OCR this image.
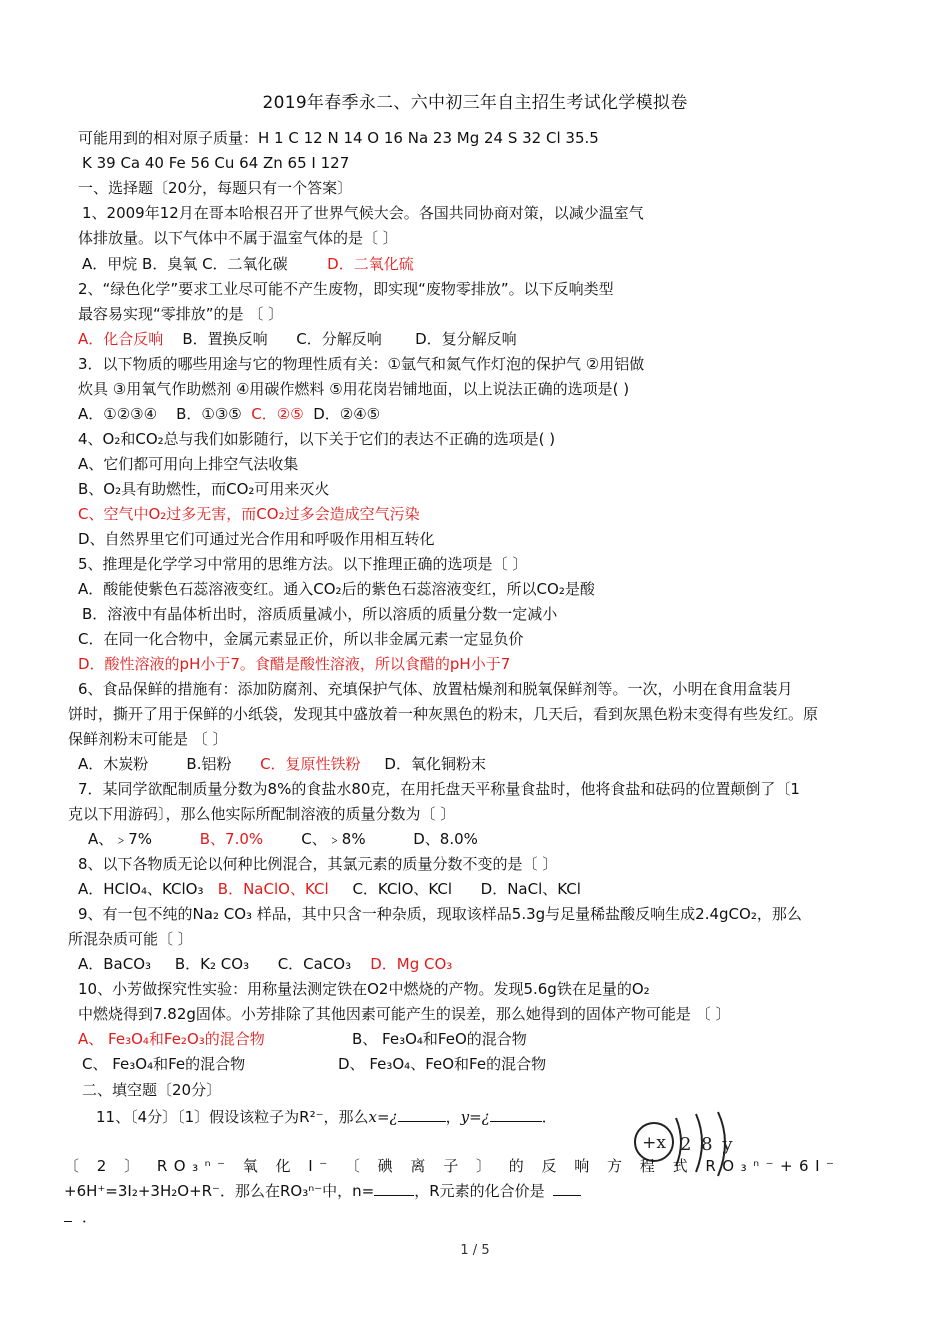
2019年春季永二、六中初三年自主招生考试化学模拟卷
可能用到的相对原子质量：H 1 C 12 N 14 O 16 Na 23 Mg 24 S 32 Cl 35.5
K 39 Ca 40 Fe 56 Cu 64 Zn 65 I 127
一、选择题〔20分，每题只有一个答案〕
1、2009年12月在哥本哈根召开了世界气候大会。各国共同协商对策，以减少温室气
体排放量。以下气体中不属于温室气体的是〔 〕
A．甲烷 B．臭氧 C．二氧化碳	D．二氧化硫
2、“绿色化学”要求工业尽可能不产生废物，即实现“废物零排放”。以下反响类型
最容易实现“零排放”的是 〔 〕
A．化合反响    B．置换反响      C．分解反响       D．复分解反响
3．以下物质的哪些用途与它的物理性质有关：①氩气和氮气作灯泡的保护气 ②用铝做
炊具 ③用氧气作助燃剂 ④用碳作燃料 ⑤用花岗岩铺地面，以上说法正确的选项是( )
A．①②③④    B．①③⑤  C．②⑤  D．②④⑤
4、O₂和CO₂总与我们如影随行，以下关于它们的表达不正确的选项是( )
A、它们都可用向上排空气法收集
B、O₂具有助燃性，而CO₂可用来灭火
C、空气中O₂过多无害，而CO₂过多会造成空气污染
D、自然界里它们可通过光合作用和呼吸作用相互转化
5、推理是化学学习中常用的思维方法。以下推理正确的选项是〔 〕
A．酸能使紫色石蕊溶液变红。通入CO₂后的紫色石蕊溶液变红，所以CO₂是酸
B．溶液中有晶体析出时，溶质质量减小，所以溶质的质量分数一定减小
C．在同一化合物中，金属元素显正价，所以非金属元素一定显负价
D．酸性溶液的pH小于7。食醋是酸性溶液，所以食醋的pH小于7
6、食品保鲜的措施有：添加防腐剂、充填保护气体、放置枯燥剂和脱氧保鲜剂等。一次，小明在食用盒装月
饼时，撕开了用于保鲜的小纸袋，发现其中盛放着一种灰黑色的粉末，几天后，看到灰黑色粉末变得有些发红。原
保鲜剂粉末可能是 〔 〕
A．木炭粉        B.铝粉      C．复原性铁粉     D．氧化铜粉末
7．某同学欲配制质量分数为8%的食盐水80克，在用托盘天平称量食盐时，他将食盐和砝码的位置颠倒了〔1
克以下用游码〕，那么他实际所配制溶液的质量分数为〔 〕
A、﹥7%          B、7.0%        C、﹥8%          D、8.0%
8、以下各物质无论以何种比例混合，其氯元素的质量分数不变的是〔 〕
A．HClO₄、KClO₃   B．NaClO、KCl     C．KClO、KCl      D．NaCl、KCl
9、有一包不纯的Na₂ CO₃ 样品，其中只含一种杂质，现取该样品5.3g与足量稀盐酸反响生成2.4gCO₂，那么
所混杂质可能〔 〕
A．BaCO₃     B．K₂ CO₃      C．CaCO₃    D．Mg CO₃
10、小芳做探究性实验：用称量法测定铁在O2中燃烧的产物。发现5.6g铁在足量的O₂
中燃烧得到7.82g固体。小芳排除了其他因素可能产生的误差，那么她得到的固体产物可能是 〔 〕
A、 Fe₃O₄和Fe₂O₃的混合物	B、 Fe₃O₄和FeO的混合物
C、 Fe₃O₄和Fe的混合物	D、 Fe₃O₄、FeO和Fe的混合物
二、填空题〔20分〕
11、〔4分〕〔1〕假设该粒子为R²⁻，那么x=¿	，y=¿	．
+x 2 8 y
〔 2 〕 RO₃ⁿ⁻ 氧 化 I⁻ 〔 碘 离 子 〕 的 反 响 方 程 式 RO₃ⁿ⁻+6I⁻
+6H⁺=3I₂+3H₂O+R⁻．那么在RO₃ⁿ⁻中，n=	，R元素的化合价是
．
1 / 5
